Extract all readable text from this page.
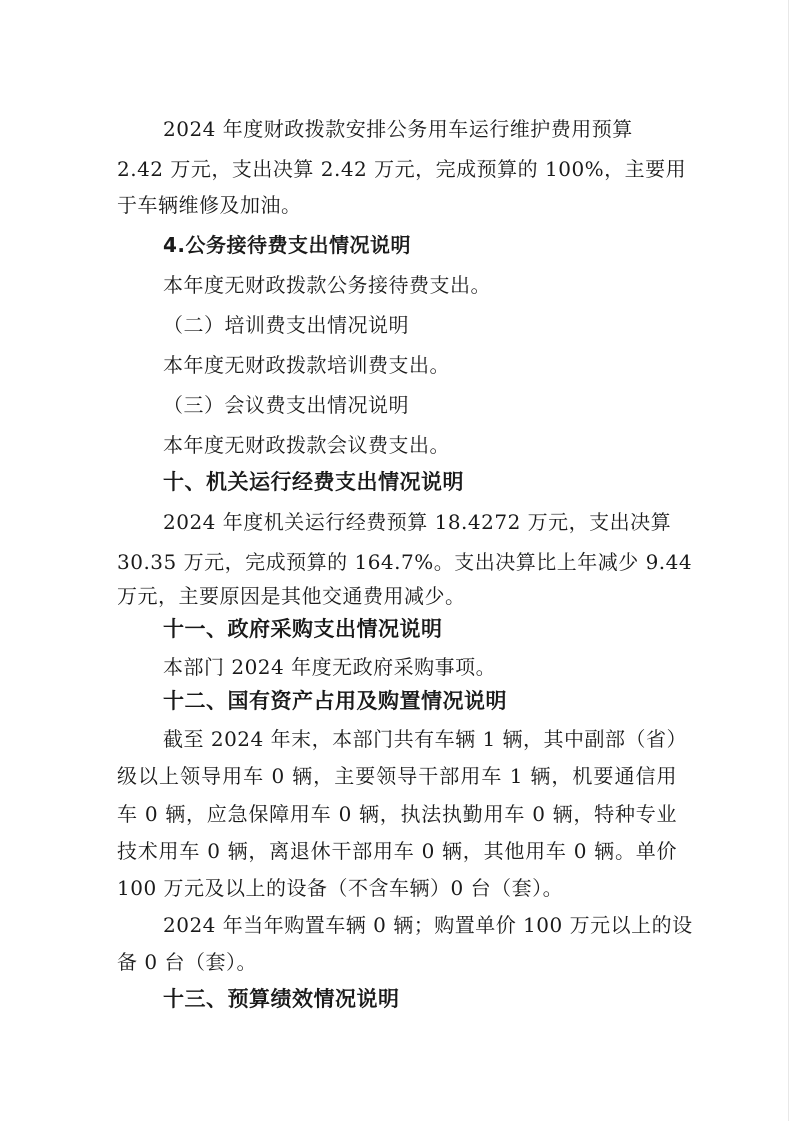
2024 年度财政拨款安排公务用车运行维护费用预算
2.42 万元，支出决算 2.42 万元，完成预算的 100%，主要用
于车辆维修及加油。
4.公务接待费支出情况说明
本年度无财政拨款公务接待费支出。
（二）培训费支出情况说明
本年度无财政拨款培训费支出。
（三）会议费支出情况说明
本年度无财政拨款会议费支出。
十、机关运行经费支出情况说明
2024 年度机关运行经费预算 18.4272 万元，支出决算
30.35 万元，完成预算的 164.7%。支出决算比上年减少 9.44
万元，主要原因是其他交通费用减少。
十一、政府采购支出情况说明
本部门 2024 年度无政府采购事项。
十二、国有资产占用及购置情况说明
截至 2024 年末，本部门共有车辆 1 辆，其中副部（省）
级以上领导用车 0 辆，主要领导干部用车 1 辆，机要通信用
车 0 辆，应急保障用车 0 辆，执法执勤用车 0 辆，特种专业
技术用车 0 辆，离退休干部用车 0 辆，其他用车 0 辆。单价
100 万元及以上的设备（不含车辆）0 台（套）。
2024 年当年购置车辆 0 辆；购置单价 100 万元以上的设
备 0 台（套）。
十三、预算绩效情况说明
